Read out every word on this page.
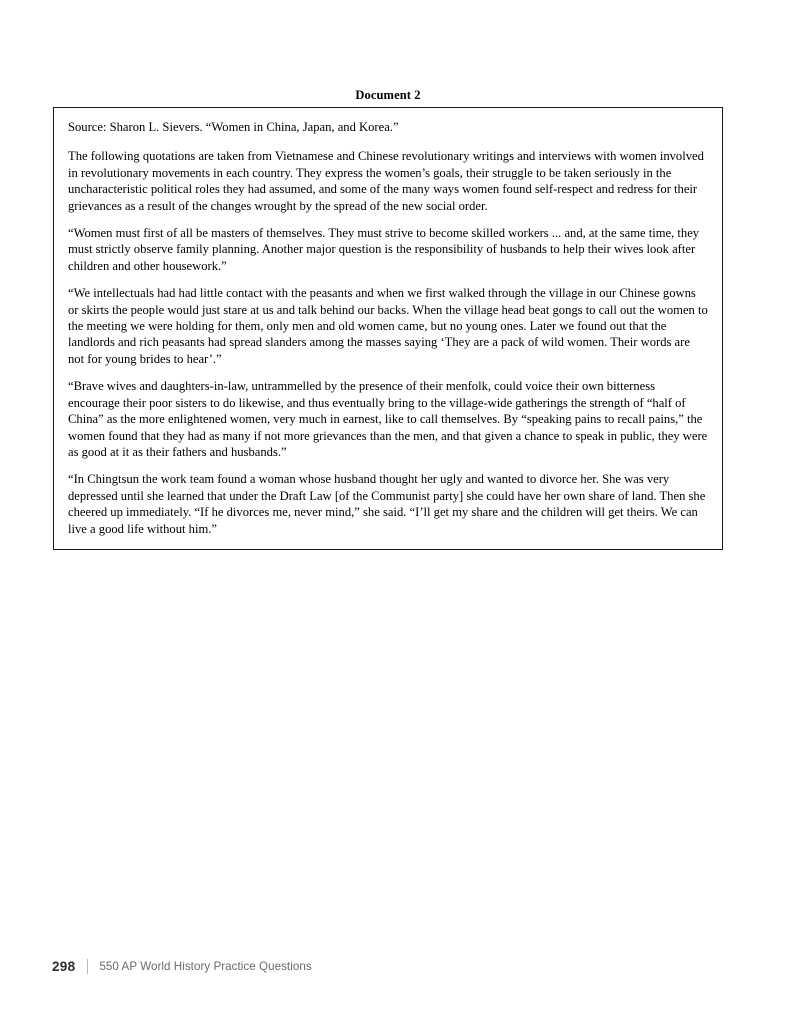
Document 2

Source: Sharon L. Sievers. “Women in China, Japan, and Korea.”

The following quotations are taken from Vietnamese and Chinese revolutionary writings and interviews with women involved in revolutionary movements in each country. They express the women’s goals, their struggle to be taken seriously in the uncharacteristic political roles they had assumed, and some of the many ways women found self-respect and redress for their grievances as a result of the changes wrought by the spread of the new social order.

“Women must first of all be masters of themselves. They must strive to become skilled workers ... and, at the same time, they must strictly observe family planning. Another major question is the responsibility of husbands to help their wives look after children and other housework.”

“We intellectuals had had little contact with the peasants and when we first walked through the village in our Chinese gowns or skirts the people would just stare at us and talk behind our backs. When the village head beat gongs to call out the women to the meeting we were holding for them, only men and old women came, but no young ones. Later we found out that the landlords and rich peasants had spread slanders among the masses saying ‘They are a pack of wild women. Their words are not for young brides to hear’.”

“Brave wives and daughters-in-law, untrammelled by the presence of their menfolk, could voice their own bitterness encourage their poor sisters to do likewise, and thus eventually bring to the village-wide gatherings the strength of “half of China” as the more enlightened women, very much in earnest, like to call themselves. By “speaking pains to recall pains,” the women found that they had as many if not more grievances than the men, and that given a chance to speak in public, they were as good at it as their fathers and husbands.”

“In Chingtsun the work team found a woman whose husband thought her ugly and wanted to divorce her. She was very depressed until she learned that under the Draft Law [of the Communist party] she could have her own share of land. Then she cheered up immediately. “If he divorces me, never mind,” she said. “I’ll get my share and the children will get theirs. We can live a good life without him.”

298 550 AP World History Practice Questions
